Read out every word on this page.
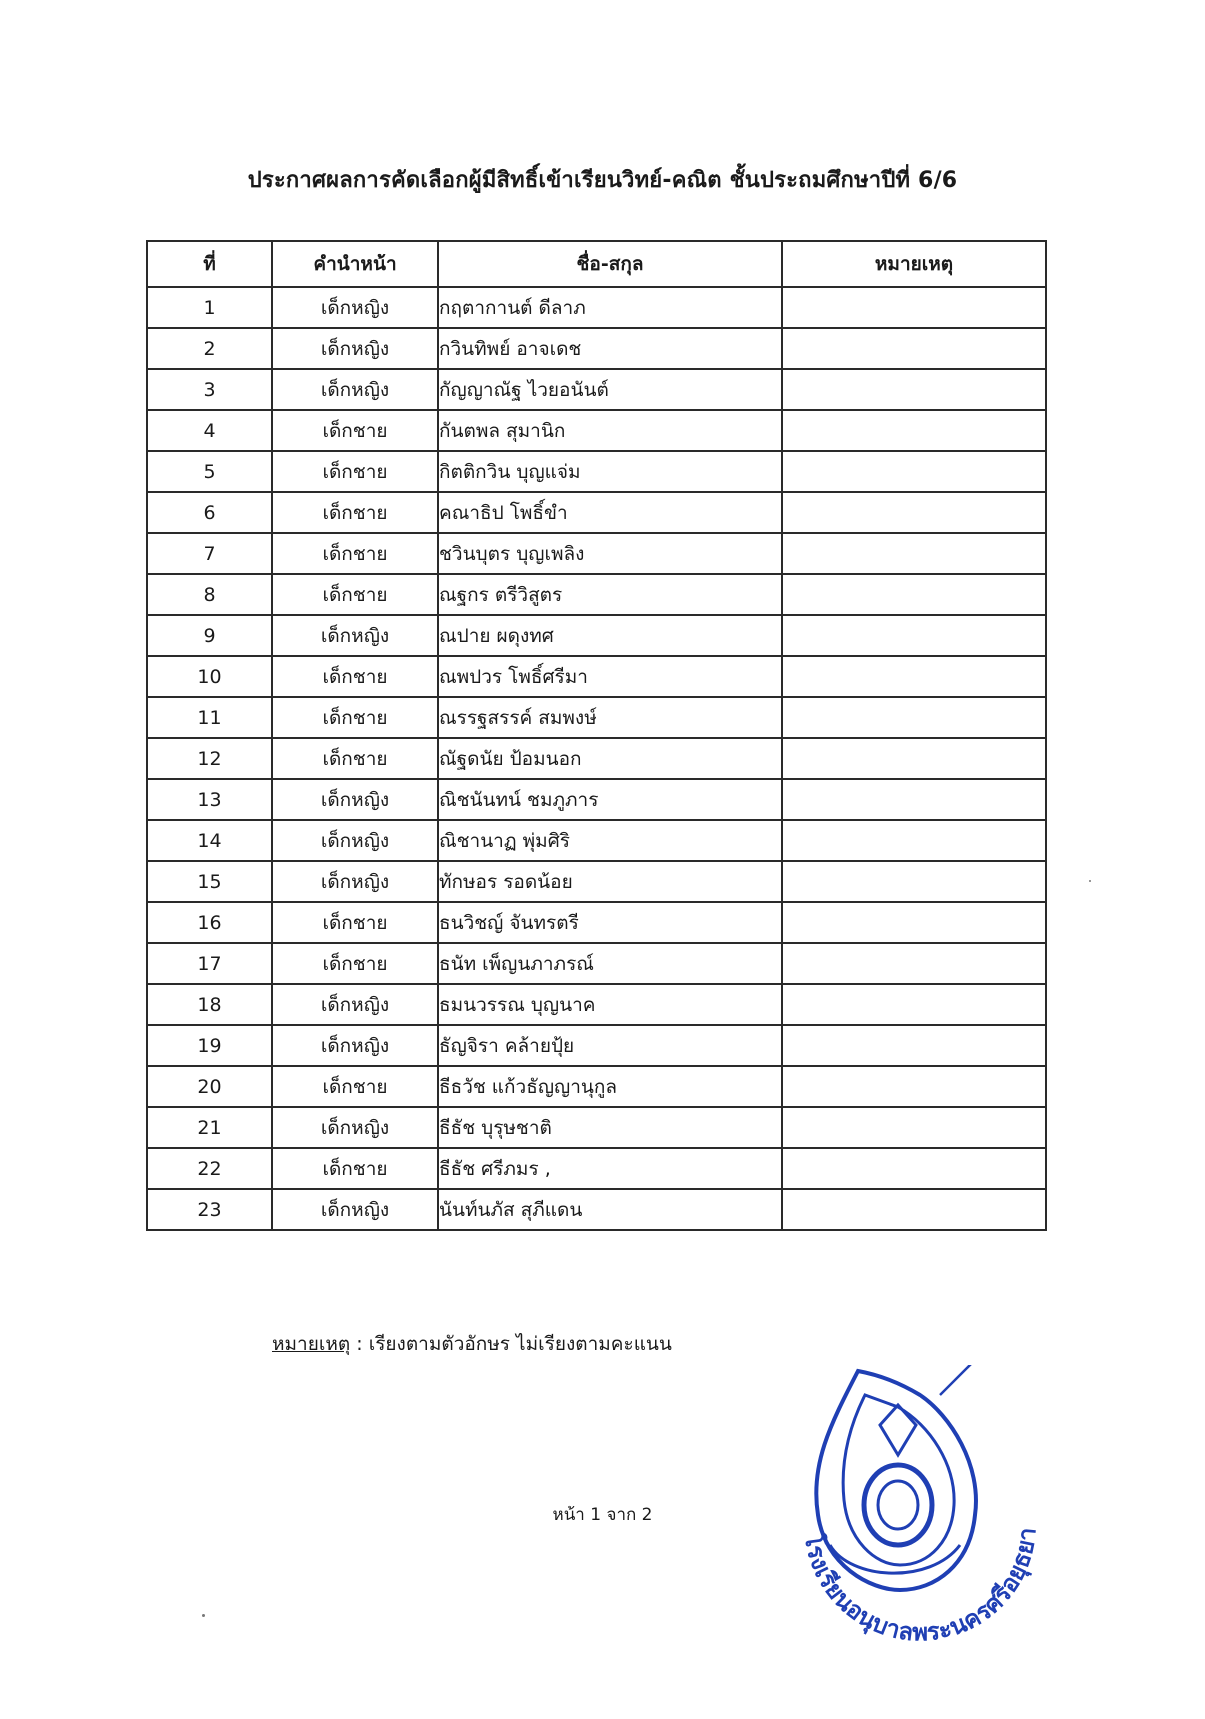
ประกาศผลการคัดเลือกผู้มีสิทธิ์เข้าเรียนวิทย์-คณิต ชั้นประถมศึกษาปีที่ 6/6
ที่	คำนำหน้า	ชื่อ-สกุล	หมายเหตุ
1	เด็กหญิง	กฤตากานต์ ดีลาภ	
2	เด็กหญิง	กวินทิพย์ อาจเดช	
3	เด็กหญิง	กัญญาณัฐ ไวยอนันต์	
4	เด็กชาย	กันตพล สุมานิก	
5	เด็กชาย	กิตติกวิน บุญแจ่ม	
6	เด็กชาย	คณาธิป โพธิ์ขำ	
7	เด็กชาย	ชวินบุตร บุญเพลิง	
8	เด็กชาย	ณฐกร ตรีวิสูตร	
9	เด็กหญิง	ณปาย ผดุงทศ	
10	เด็กชาย	ณพปวร โพธิ์ศรีมา	
11	เด็กชาย	ณรรฐสรรค์ สมพงษ์	
12	เด็กชาย	ณัฐดนัย ป้อมนอก	
13	เด็กหญิง	ณิชนันทน์ ชมภูภาร	
14	เด็กหญิง	ณิชานาฏ พุ่มศิริ	
15	เด็กหญิง	ทักษอร รอดน้อย	
16	เด็กชาย	ธนวิชญ์ จันทรตรี	
17	เด็กชาย	ธนัท เพ็ญนภาภรณ์	
18	เด็กหญิง	ธมนวรรณ บุญนาค	
19	เด็กหญิง	ธัญจิรา คล้ายปุ้ย	
20	เด็กชาย	ธีธวัช แก้วธัญญานุกูล	
21	เด็กหญิง	ธีธัช บุรุษชาติ	
22	เด็กชาย	ธีธัช ศรีภมร ,	
23	เด็กหญิง	นันท์นภัส สุภีแดน	
หมายเหตุ : เรียงตามตัวอักษร ไม่เรียงตามคะแนน
หน้า 1 จาก 2
โรงเรียนอนุบาลพระนครศรีอยุธยา
